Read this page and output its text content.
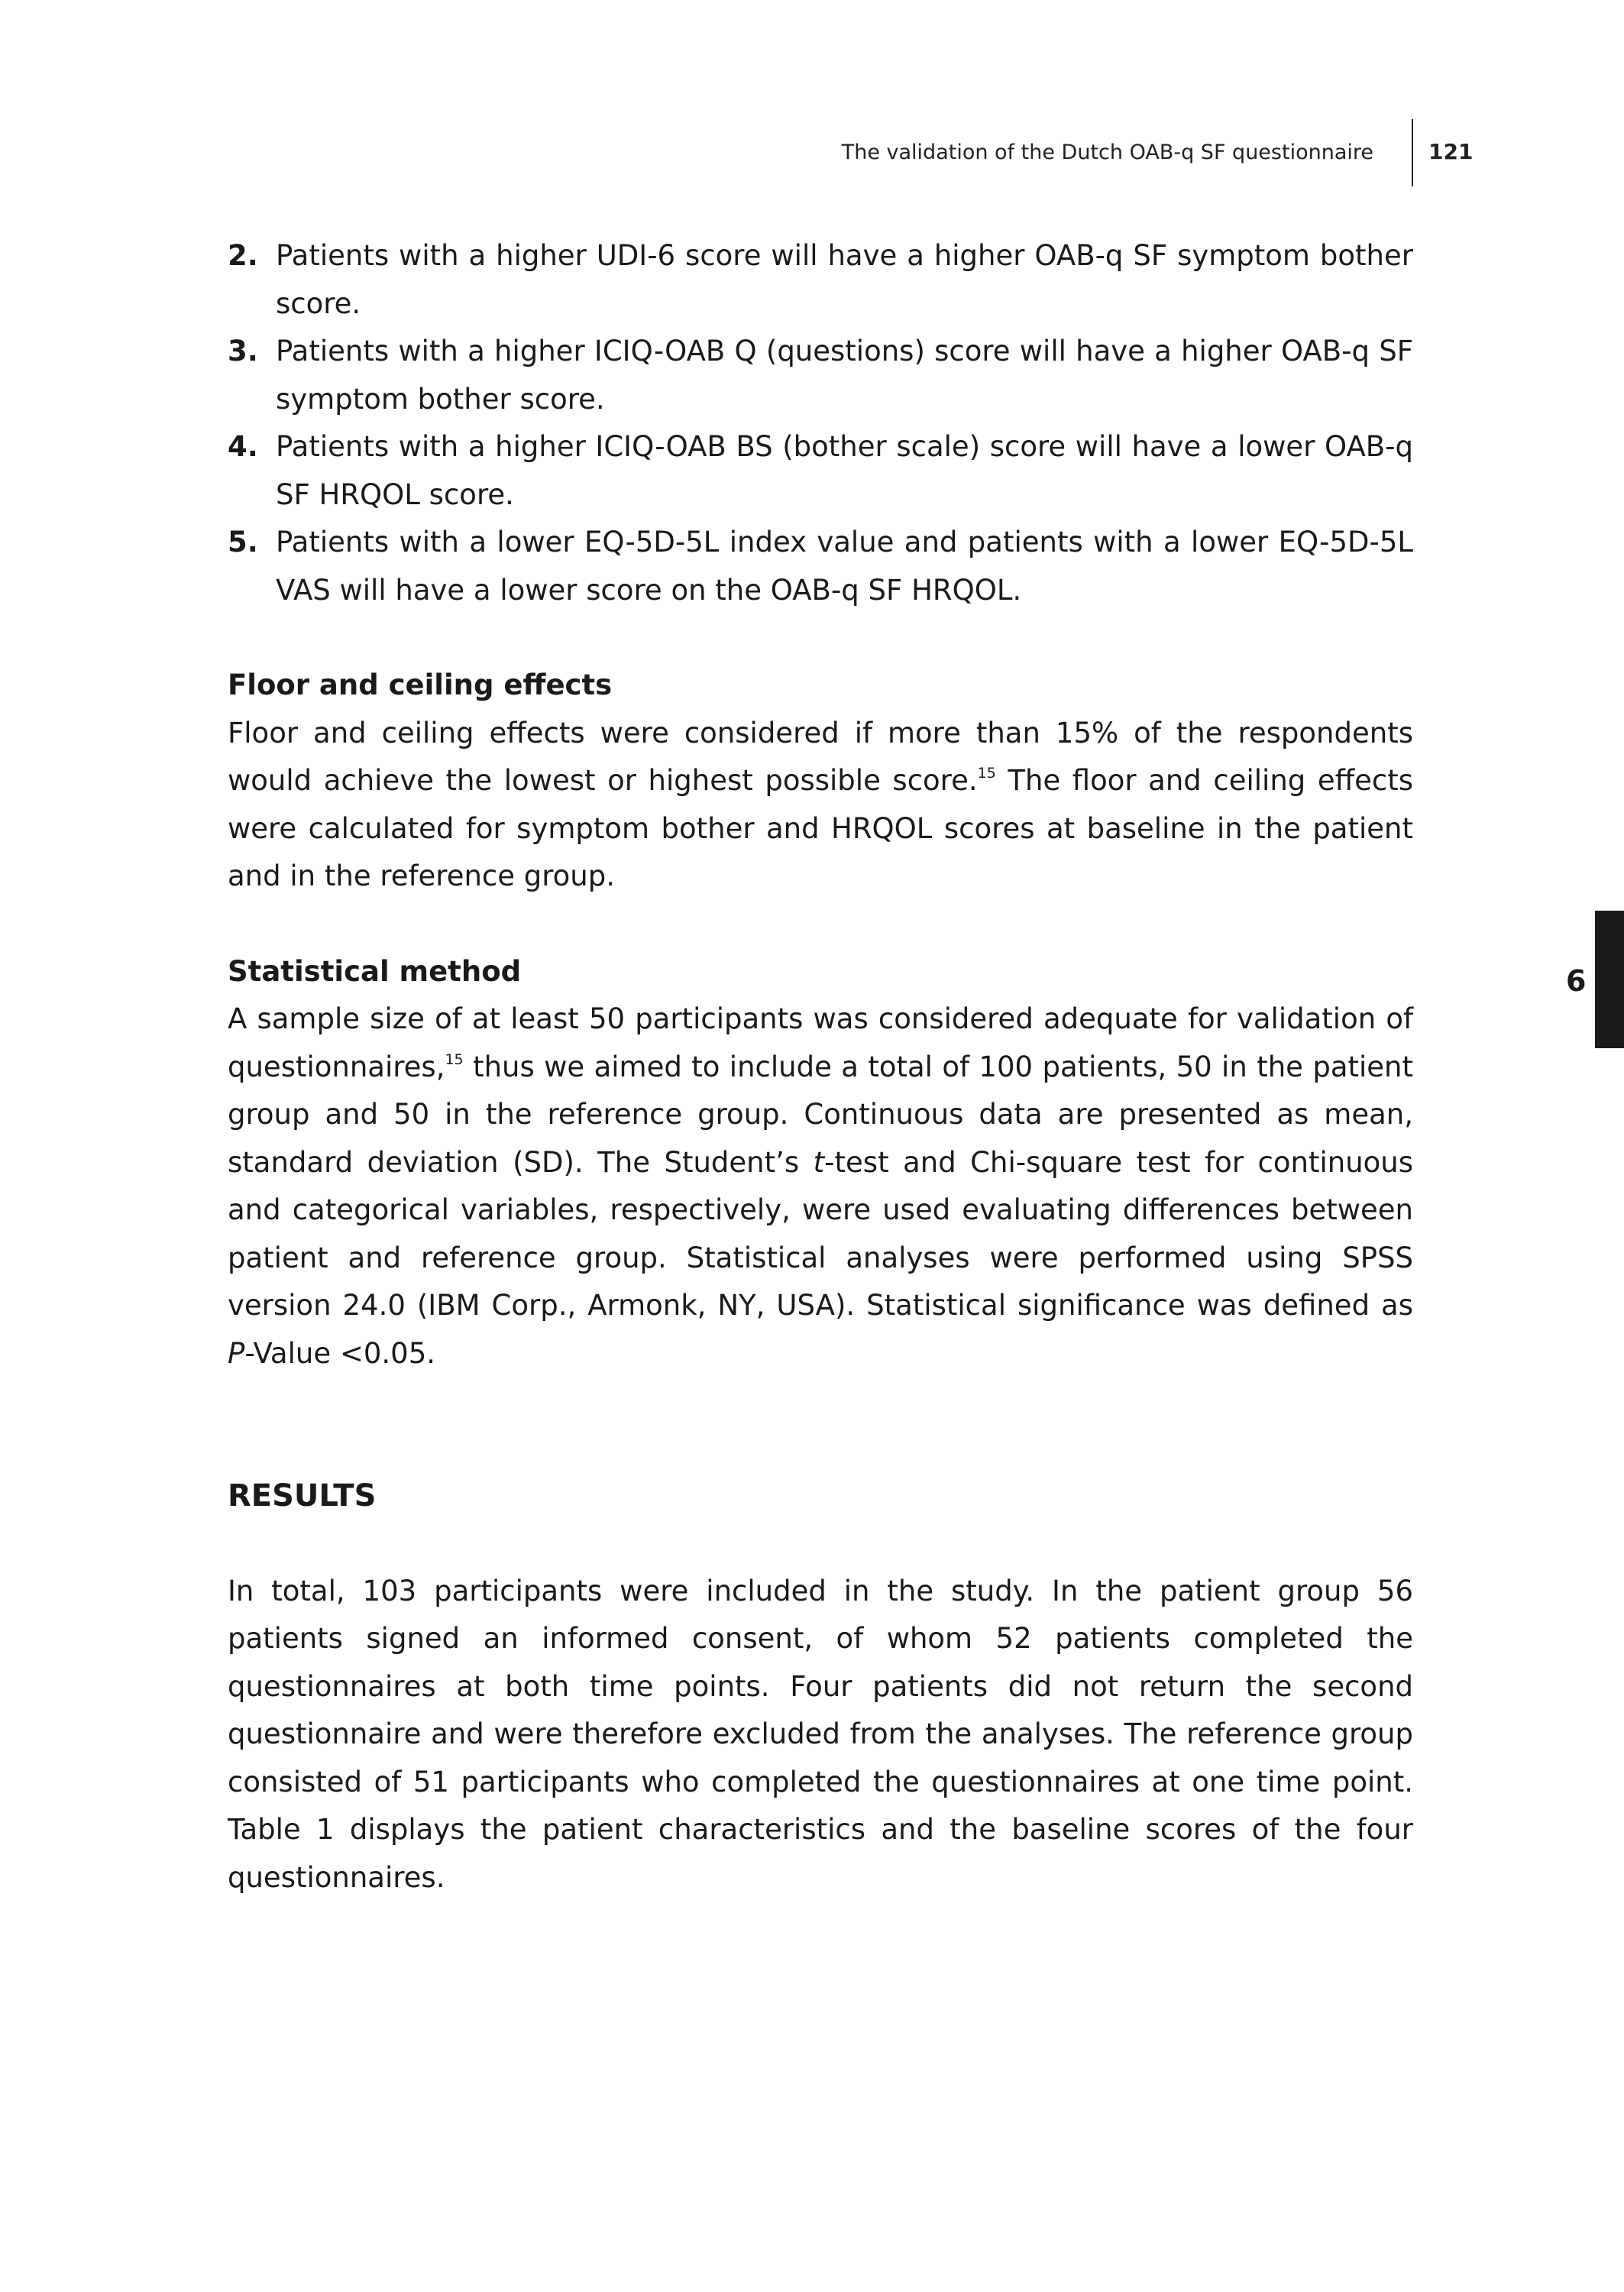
The validation of the Dutch OAB-q SF questionnaire	121
6
2. Patients with a higher UDI-6 score will have a higher OAB-q SF symptom bother score.
3. Patients with a higher ICIQ-OAB Q (questions) score will have a higher OAB-q SF symptom bother score.
4. Patients with a higher ICIQ-OAB BS (bother scale) score will have a lower OAB-q SF HRQOL score.
5. Patients with a lower EQ-5D-5L index value and patients with a lower EQ-5D-5L VAS will have a lower score on the OAB-q SF HRQOL.
Floor and ceiling effects

Floor and ceiling effects were considered if more than 15% of the respondents would achieve the lowest or highest possible score.$^{15}$ The floor and ceiling effects were calculated for symptom bother and HRQOL scores at baseline in the patient and in the reference group.

Statistical method

A sample size of at least 50 participants was considered adequate for validation of questionnaires,$^{15}$ thus we aimed to include a total of 100 patients, 50 in the patient group and 50 in the reference group. Continuous data are presented as mean, standard deviation (SD). The Student’s t-test and Chi-square test for continuous and categorical variables, respectively, were used evaluating differences between patient and reference group. Statistical analyses were performed using SPSS version 24.0 (IBM Corp., Armonk, NY, USA). Statistical significance was defined as P-Value <0.05.

RESULTS

In total, 103 participants were included in the study. In the patient group 56 patients signed an informed consent, of whom 52 patients completed the questionnaires at both time points. Four patients did not return the second questionnaire and were therefore excluded from the analyses. The reference group consisted of 51 participants who completed the questionnaires at one time point. Table 1 displays the patient characteristics and the baseline scores of the four questionnaires.
